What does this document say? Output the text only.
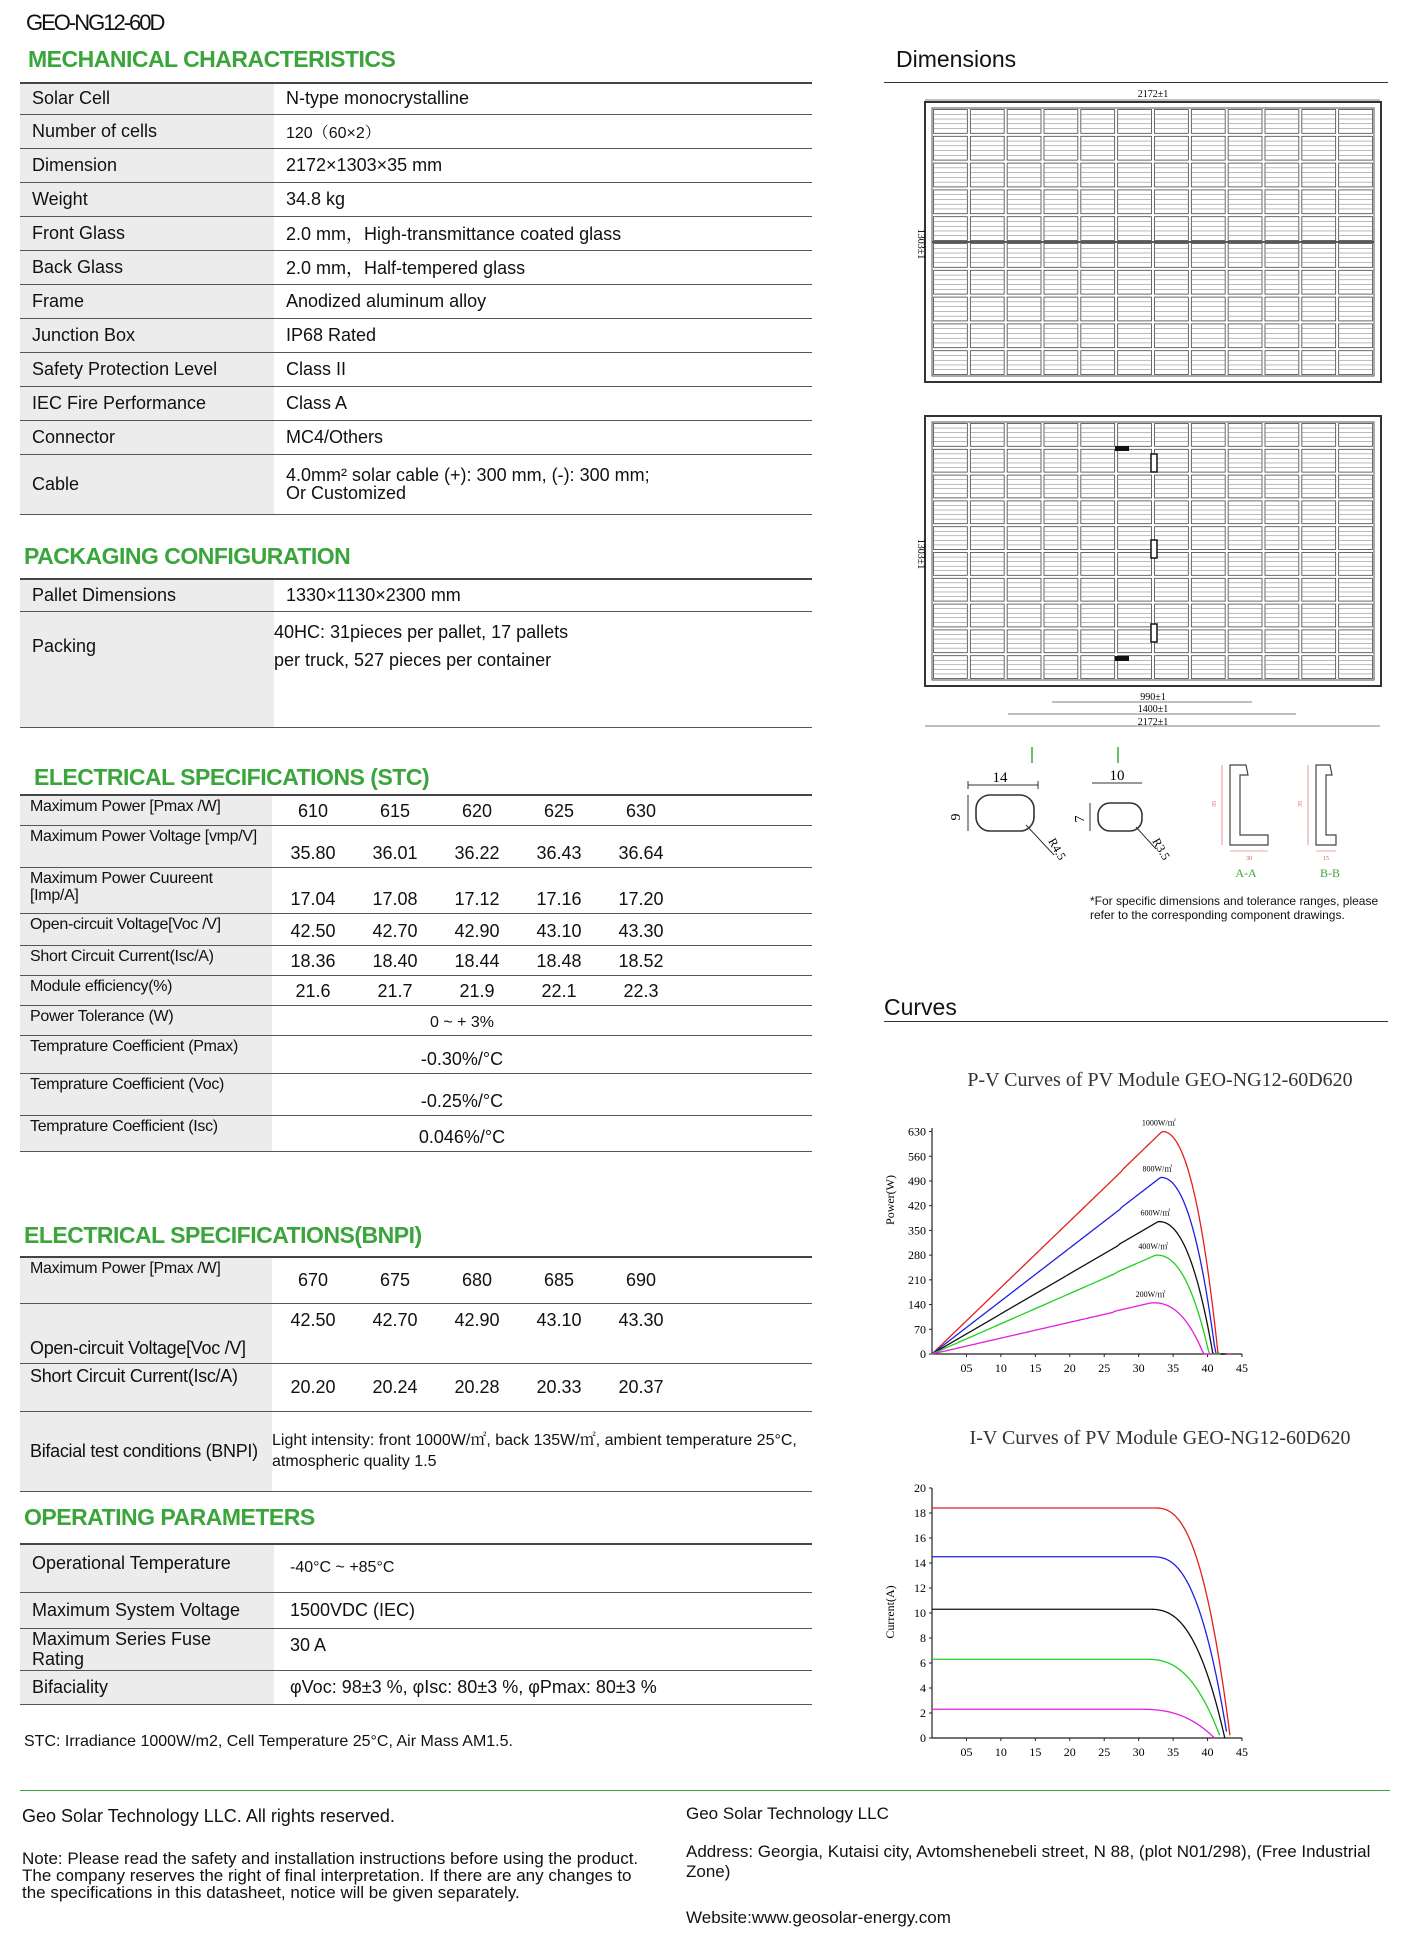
GEO-NG12-60D
MECHANICAL CHARACTERISTICS
Solar Cell	N-type monocrystalline
Number of cells	120（60×2）
Dimension	2172×1303×35 mm
Weight	34.8 kg
Front Glass	2.0 mm，High-transmittance coated glass
Back Glass	2.0 mm，Half-tempered glass
Frame	Anodized aluminum alloy
Junction Box	IP68 Rated
Safety Protection Level	Class II
IEC Fire Performance	Class A
Connector	MC4/Others
Cable	4.0mm² solar cable (+): 300 mm, (-): 300 mm;
Or Customized
PACKAGING CONFIGURATION
Pallet Dimensions	1330×1130×2300 mm
Packing	40HC: 31pieces per pallet, 17 pallets
per truck, 527 pieces per container
ELECTRICAL SPECIFICATIONS (STC)
Maximum Power [Pmax /W]	610	615	620	625	630	
Maximum Power Voltage [vmp/V]	35.80	36.01	36.22	36.43	36.64	
Maximum Power Cuureent [Imp/A]	17.04	17.08	17.12	17.16	17.20	
Open-circuit Voltage[Voc /V]	42.50	42.70	42.90	43.10	43.30	
Short Circuit Current(Isc/A)	18.36	18.40	18.44	18.48	18.52	
Module efficiency(%)	21.6	21.7	21.9	22.1	22.3	
Power Tolerance (W)	0 ~ + 3%					
Temprature Coefficient (Pmax)	-0.30%/°C					
Temprature Coefficient (Voc)	-0.25%/°C					
Temprature Coefficient (Isc)	0.046%/°C					
ELECTRICAL SPECIFICATIONS(BNPI)
Maximum Power [Pmax /W]	670	675	680	685	690	
Open-circuit Voltage[Voc /V]	42.50	42.70	42.90	43.10	43.30	
Short Circuit Current(Isc/A)	20.20	20.24	20.28	20.33	20.37	
Bifacial test conditions (BNPI)	Light intensity: front 1000W/㎡, back 135W/㎡, ambient temperature 25°C, atmospheric quality 1.5					
OPERATING PARAMETERS
Operational Temperature	-40°C ~ +85°C
Maximum System Voltage	1500VDC (IEC)
Maximum Series Fuse Rating	30 A
Bifaciality	φVoc: 98±3 %, φIsc: 80±3 %, φPmax: 80±3 %
STC: Irradiance 1000W/m2, Cell Temperature 25°C, Air Mass AM1.5.
Dimensions
2172±1
1303±1
1303±1
990±1
1400±1
2172±1
14
9
R4.5
10
7
R3.5
35
30
A-A
35
15
B-B
*For specific dimensions and tolerance ranges, please refer to the corresponding component drawings.
Curves
P-V Curves of PV Module GEO-NG12-60D620
Power(W)
0
70
140
210
280
350
420
490
560
630
05 10 15 20 25 30 35 40 45
1000W/㎡
800W/㎡
600W/㎡
400W/㎡
200W/㎡
I-V Curves of PV Module GEO-NG12-60D620
Current(A)
0
2
4
6
8
10
12
14
16
18
20
05 10 15 20 25 30 35 40 45
Geo Solar Technology LLC. All rights reserved.
Note: Please read the safety and installation instructions before using the product.
The company reserves the right of final interpretation. If there are any changes to
the specifications in this datasheet, notice will be given separately.
Geo Solar Technology LLC
Address: Georgia, Kutaisi city, Avtomshenebeli street, N 88, (plot N01/298), (Free Industrial Zone)
Website:www.geosolar-energy.com
